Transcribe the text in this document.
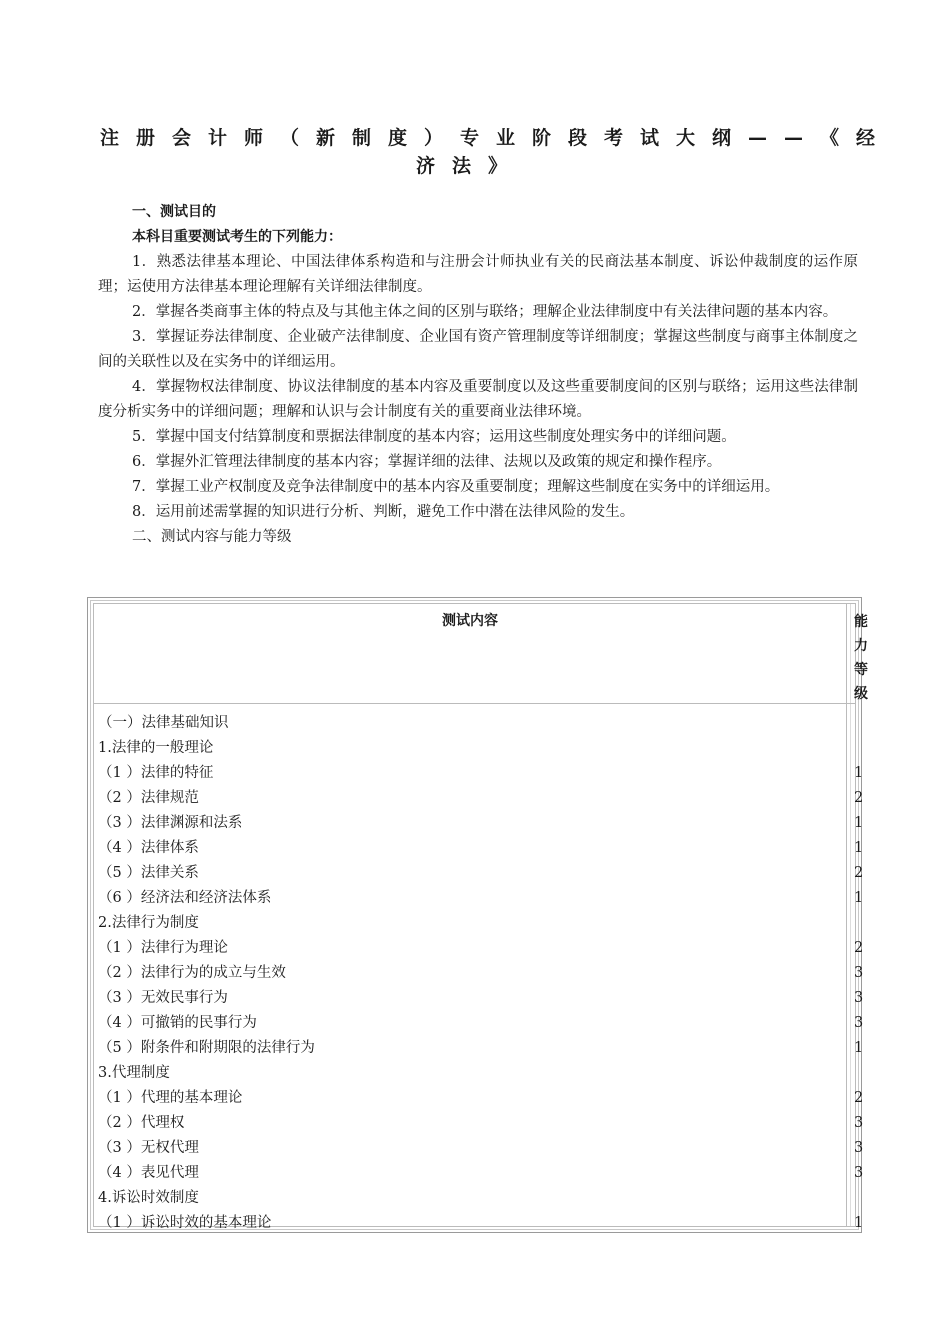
注册会计师（新制度）专业阶段考试大纲——《经
济法》
一、测试目的
本科目重要测试考生的下列能力：

1．熟悉法律基本理论、中国法律体系构造和与注册会计师执业有关的民商法基本制度、诉讼仲裁制度的运作原理；运使用方法律基本理论理解有关详细法律制度。

2．掌握各类商事主体的特点及与其他主体之间的区别与联络；理解企业法律制度中有关法律问题的基本内容。

3．掌握证券法律制度、企业破产法律制度、企业国有资产管理制度等详细制度；掌握这些制度与商事主体制度之间的关联性以及在实务中的详细运用。

4．掌握物权法律制度、协议法律制度的基本内容及重要制度以及这些重要制度间的区别与联络；运用这些法律制度分析实务中的详细问题；理解和认识与会计制度有关的重要商业法律环境。

5．掌握中国支付结算制度和票据法律制度的基本内容；运用这些制度处理实务中的详细问题。

6．掌握外汇管理法律制度的基本内容；掌握详细的法律、法规以及政策的规定和操作程序。

7．掌握工业产权制度及竞争法律制度中的基本内容及重要制度；理解这些制度在实务中的详细运用。

8．运用前述需掌握的知识进行分析、判断，避免工作中潜在法律风险的发生。

二、测试内容与能力等级
测试内容	能力等级
（一）法律基础知识
1.法律的一般理论
（1 ）法律的特征	1
（2 ）法律规范	2
（3 ）法律渊源和法系	1
（4 ）法律体系	1
（5 ）法律关系	2
（6 ）经济法和经济法体系	1
2.法律行为制度
（1 ）法律行为理论	2
（2 ）法律行为的成立与生效	3
（3 ）无效民事行为	3
（4 ）可撤销的民事行为	3
（5 ）附条件和附期限的法律行为	1
3.代理制度
（1 ）代理的基本理论	2
（2 ）代理权	3
（3 ）无权代理	3
（4 ）表见代理	3
4.诉讼时效制度
（1 ）诉讼时效的基本理论	1
